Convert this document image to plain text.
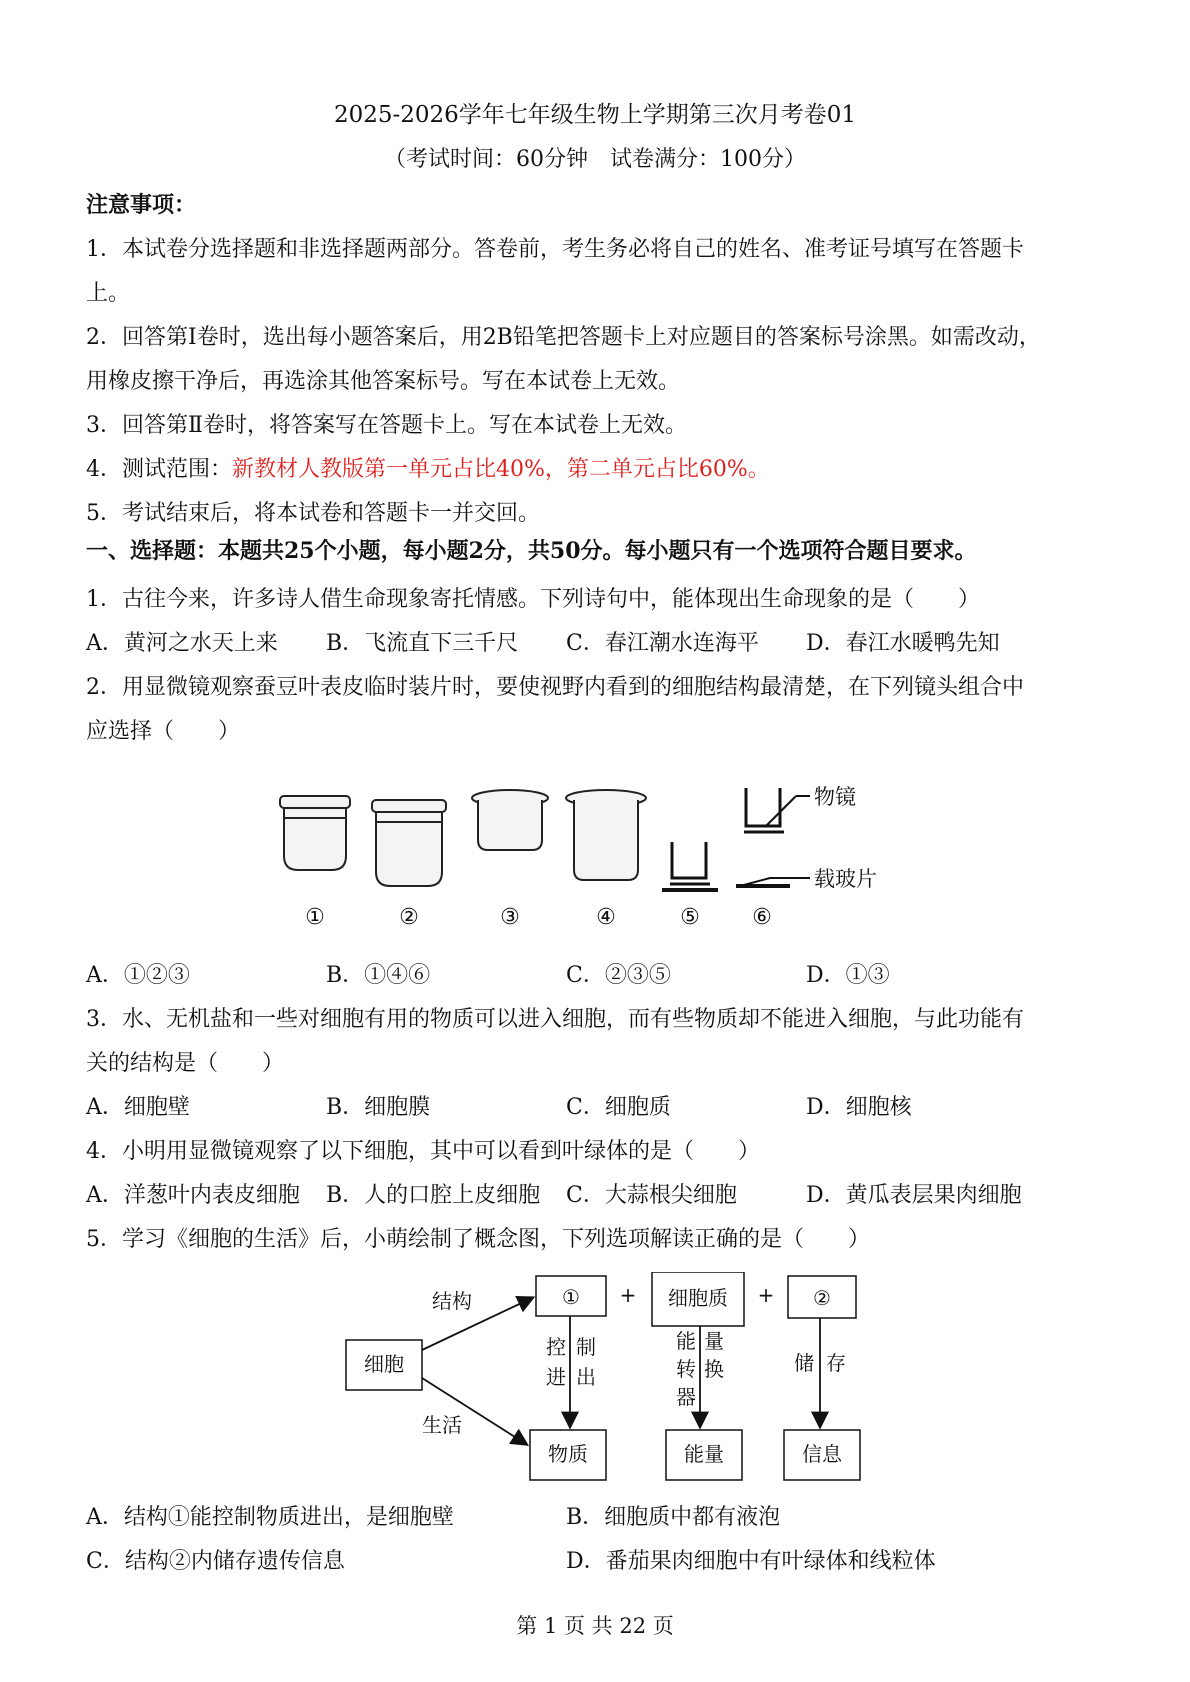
2025-2026学年七年级生物上学期第三次月考卷01
（考试时间：60分钟　试卷满分：100分）
注意事项：
1．本试卷分选择题和非选择题两部分。答卷前，考生务必将自己的姓名、准考证号填写在答题卡
上。
2．回答第Ⅰ卷时，选出每小题答案后，用2B铅笔把答题卡上对应题目的答案标号涂黑。如需改动，
用橡皮擦干净后，再选涂其他答案标号。写在本试卷上无效。
3．回答第Ⅱ卷时，将答案写在答题卡上。写在本试卷上无效。
4．测试范围：新教材人教版第一单元占比40%，第二单元占比60%。
5．考试结束后，将本试卷和答题卡一并交回。
一、选择题：本题共25个小题，每小题2分，共50分。每小题只有一个选项符合题目要求。
1．古往今来，许多诗人借生命现象寄托情感。下列诗句中，能体现出生命现象的是（　　）
A．黄河之水天上来 B．飞流直下三千尺 C．春江潮水连海平 D．春江水暖鸭先知
2．用显微镜观察蚕豆叶表皮临时装片时，要使视野内看到的细胞结构最清楚，在下列镜头组合中
应选择（　　）
物镜
载玻片
①	②	③	④	⑤ ⑥
A．①②③	B．①④⑥	C．②③⑤	D．①③
3．水、无机盐和一些对细胞有用的物质可以进入细胞，而有些物质却不能进入细胞，与此功能有
关的结构是（　　）
A．细胞壁	B．细胞膜	C．细胞质	D．细胞核
4．小明用显微镜观察了以下细胞，其中可以看到叶绿体的是（　　）
A．洋葱叶内表皮细胞 B．人的口腔上皮细胞 C．大蒜根尖细胞	D．黄瓜表层果肉细胞
5．学习《细胞的生活》后，小萌绘制了概念图，下列选项解读正确的是（　　）
细胞
结构
生活
①	细胞质	②
+	+
控 制
进 出
能 量
转 换
器
储 存
物质	能量	信息
A．结构①能控制物质进出，是细胞壁	B．细胞质中都有液泡
C．结构②内储存遗传信息	D．番茄果肉细胞中有叶绿体和线粒体
第 1 页 共 22 页
